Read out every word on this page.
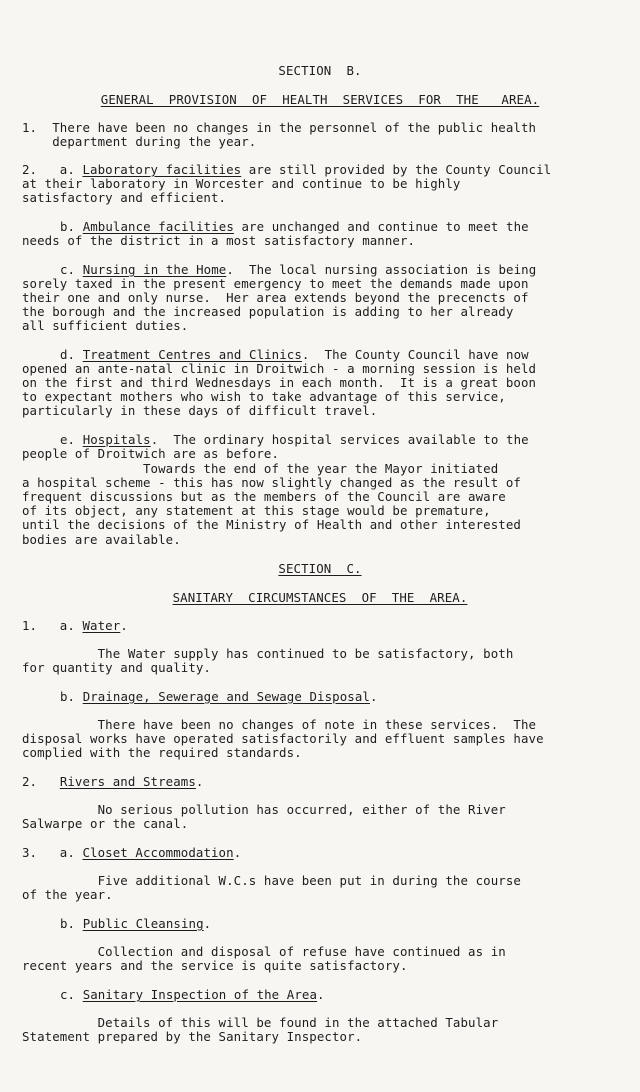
SECTION  B.
GENERAL  PROVISION  OF  HEALTH  SERVICES  FOR  THE   AREA.
1.  There have been no changes in the personnel of the public health
department during the year.
2.   a. Laboratory facilities are still provided by the County Council
at their laboratory in Worcester and continue to be highly
satisfactory and efficient.
b. Ambulance facilities are unchanged and continue to meet the
needs of the district in a most satisfactory manner.
c. Nursing in the Home.  The local nursing association is being
sorely taxed in the present emergency to meet the demands made upon
their one and only nurse.  Her area extends beyond the precencts of
the borough and the increased population is adding to her already
all sufficient duties.
d. Treatment Centres and Clinics.  The County Council have now
opened an ante-natal clinic in Droitwich - a morning session is held
on the first and third Wednesdays in each month.  It is a great boon
to expectant mothers who wish to take advantage of this service,
particularly in these days of difficult travel.
e. Hospitals.  The ordinary hospital services available to the
people of Droitwich are as before.
Towards the end of the year the Mayor initiated
a hospital scheme - this has now slightly changed as the result of
frequent discussions but as the members of the Council are aware
of its object, any statement at this stage would be premature,
until the decisions of the Ministry of Health and other interested
bodies are available.
SECTION  C.
SANITARY  CIRCUMSTANCES  OF  THE  AREA.
1.   a. Water.
The Water supply has continued to be satisfactory, both
for quantity and quality.
b. Drainage, Sewerage and Sewage Disposal.
There have been no changes of note in these services.  The
disposal works have operated satisfactorily and effluent samples have
complied with the required standards.
2.   Rivers and Streams.
No serious pollution has occurred, either of the River
Salwarpe or the canal.
3.   a. Closet Accommodation.
Five additional W.C.s have been put in during the course
of the year.
b. Public Cleansing.
Collection and disposal of refuse have continued as in
recent years and the service is quite satisfactory.
c. Sanitary Inspection of the Area.
Details of this will be found in the attached Tabular
Statement prepared by the Sanitary Inspector.
